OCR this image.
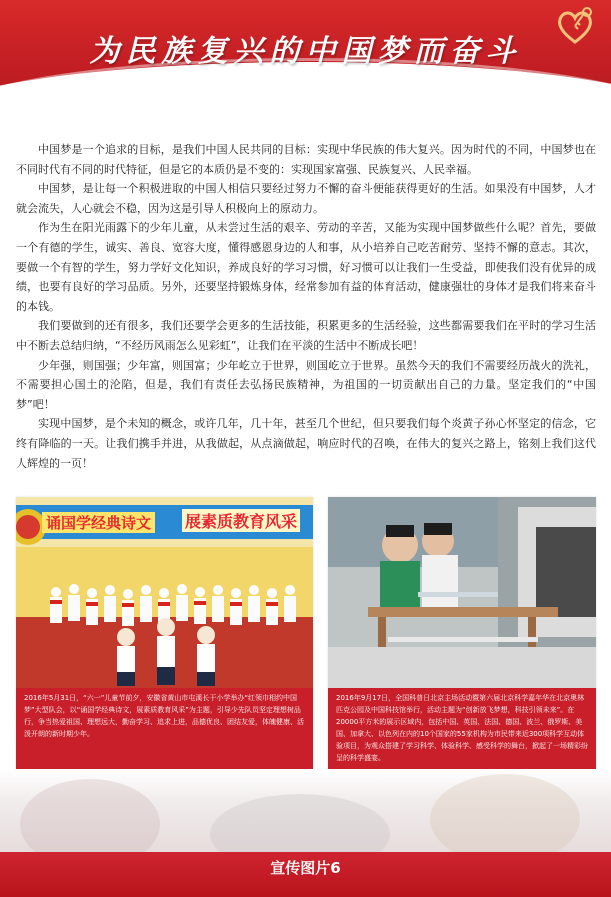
为民族复兴的中国梦而奋斗

中国梦是一个追求的目标，是我们中国人民共同的目标：实现中华民族的伟大复兴。因为时代的不同，中国梦也在不同时代有不同的时代特征，但是它的本质仍是不变的：实现国家富强、民族复兴、人民幸福。

中国梦，是让每一个积极进取的中国人相信只要经过努力不懈的奋斗便能获得更好的生活。如果没有中国梦，人才就会流失，人心就会不稳，因为这是引导人积极向上的原动力。

作为生在阳光雨露下的少年儿童，从未尝过生活的艰辛、劳动的辛苦，又能为实现中国梦做些什么呢？首先，要做一个有德的学生，诚实、善良、宽容大度，懂得感恩身边的人和事，从小培养自己吃苦耐劳、坚持不懈的意志。其次，要做一个有智的学生，努力学好文化知识，养成良好的学习习惯，好习惯可以让我们一生受益，即使我们没有优异的成绩，也要有良好的学习品质。另外，还要坚持锻炼身体，经常参加有益的体育活动，健康强壮的身体才是我们将来奋斗的本钱。

我们要做到的还有很多，我们还要学会更多的生活技能，积累更多的生活经验，这些都需要我们在平时的学习生活中不断去总结归纳，“不经历风雨怎么见彩虹”，让我们在平淡的生活中不断成长吧！

少年强，则国强；少年富，则国富；少年屹立于世界，则国屹立于世界。虽然今天的我们不需要经历战火的洗礼，不需要担心国土的沦陷，但是，我们有责任去弘扬民族精神，为祖国的一切贡献出自己的力量。坚定我们的“中国梦”吧！

实现中国梦，是个未知的概念，或许几年，几十年，甚至几个世纪，但只要我们每个炎黄子孙心怀坚定的信念，它终有降临的一天。让我们携手并进，从我做起，从点滴做起，响应时代的召唤，在伟大的复兴之路上，铭刻上我们这代人辉煌的一页！

诵国学经典诗文 展素质教育风采
2016年5月31日，“六一”儿童节前夕，安徽省黄山市屯溪长干小学举办“红领巾相约中国梦”大型队会，以“诵国学经典诗文，展素质教育风采”为主题，引导少先队员坚定理想树品行，争当热爱祖国、理想远大，勤奋学习、追求上进，品德优良、团结友爱，体魄健康、活泼开朗的新时期少年。
2016年9月17日，全国科普日北京主场活动暨第六届北京科学嘉年华在北京奥林匹克公园及中国科技馆举行，活动主题为“创新放飞梦想，科技引领未来”。在20000平方米的展示区域内，包括中国、英国、法国、德国、波兰、俄罗斯、美国、加拿大、以色列在内的10个国家的55家机构为市民带来近300项科学互动体验项目，为观众搭建了学习科学、体验科学、感受科学的舞台，掀起了一场精彩纷呈的科学盛宴。
宣传图片6
